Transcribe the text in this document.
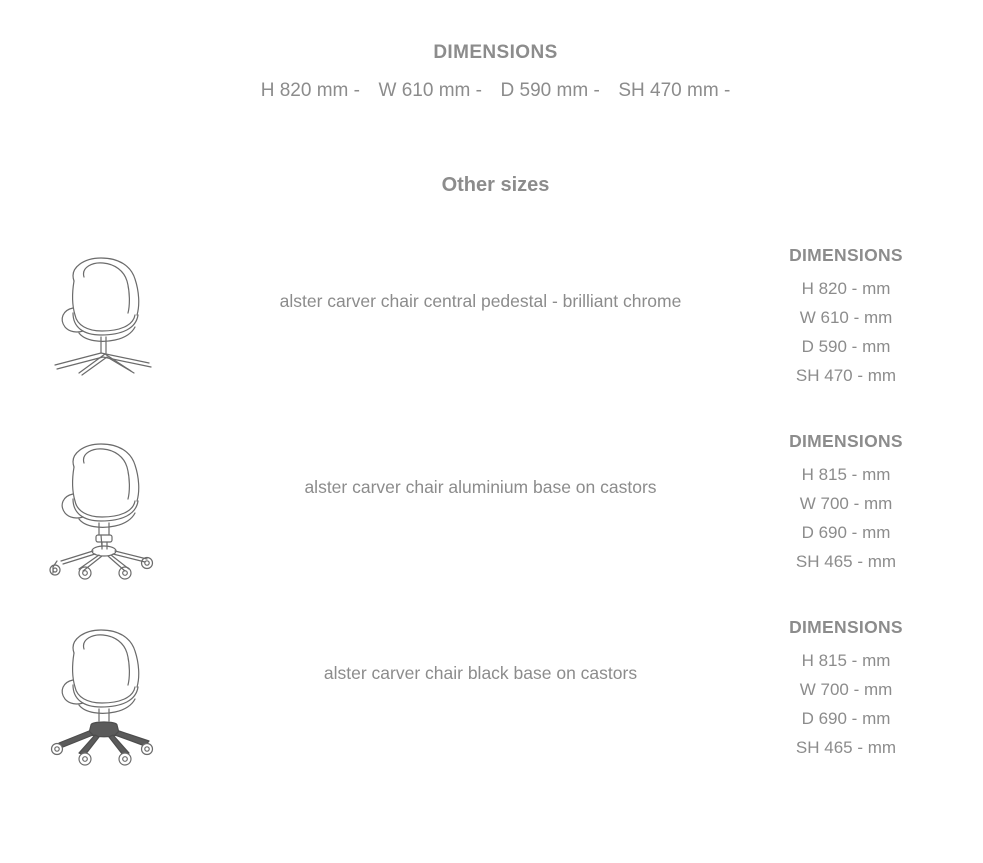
DIMENSIONS
H 820 mm - W 610 mm - D 590 mm - SH 470 mm -
Other sizes
alster carver chair central pedestal - brilliant chrome
DIMENSIONS
H 820 - mm
W 610 - mm
D 590 - mm
SH 470 - mm
alster carver chair aluminium base on castors
DIMENSIONS
H 815 - mm
W 700 - mm
D 690 - mm
SH 465 - mm
alster carver chair black base on castors
DIMENSIONS
H 815 - mm
W 700 - mm
D 690 - mm
SH 465 - mm
